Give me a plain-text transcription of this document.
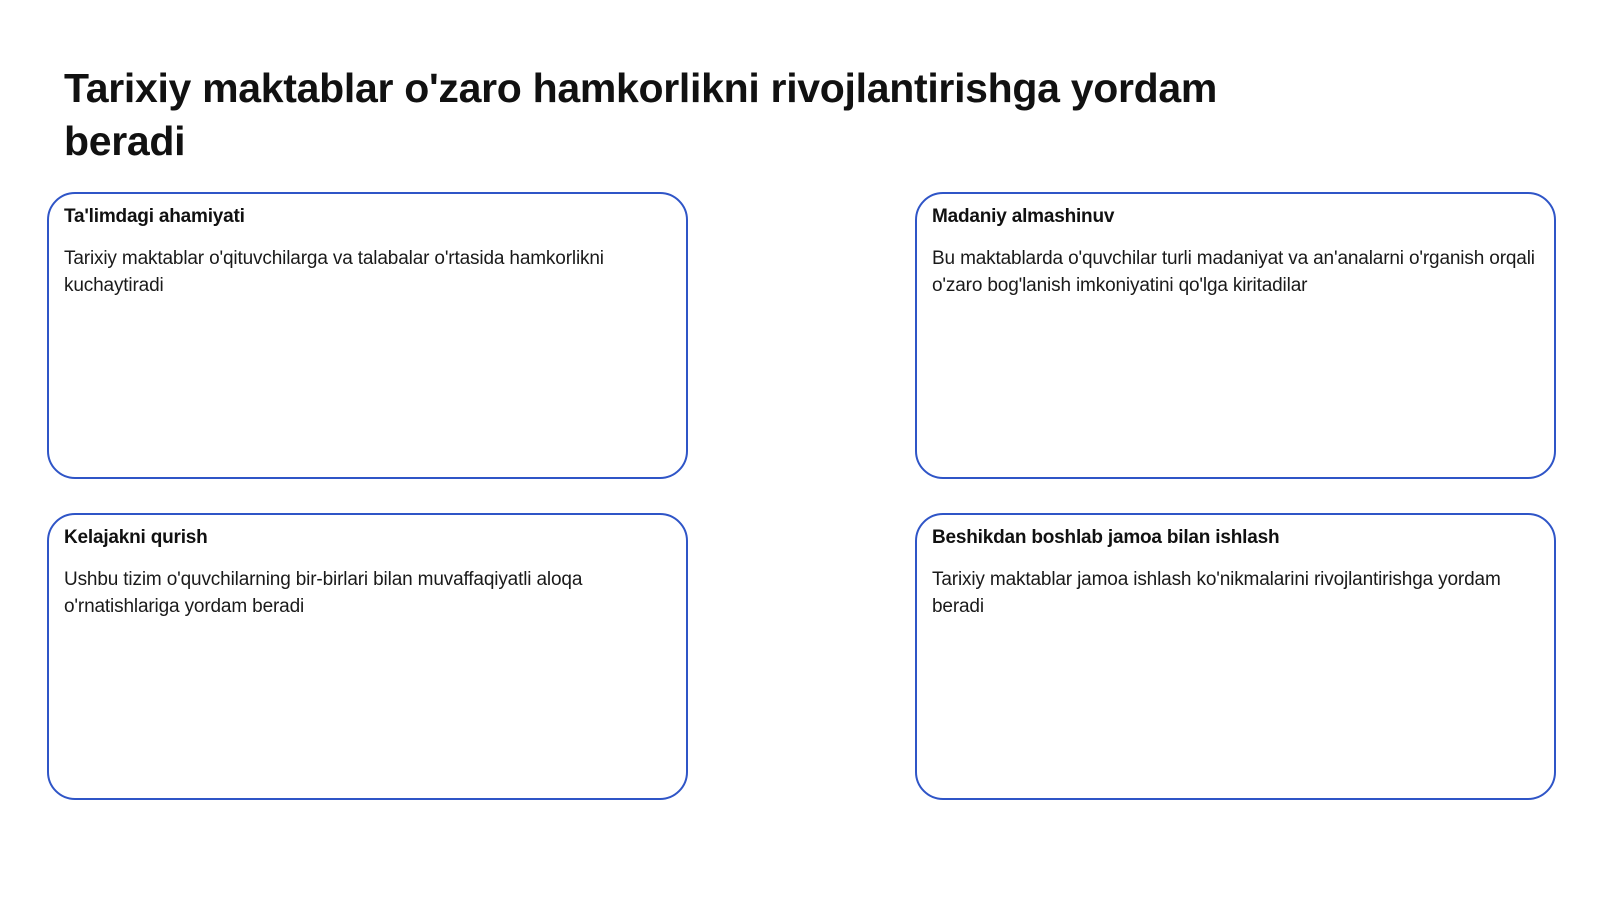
Tarixiy maktablar o'zaro hamkorlikni rivojlantirishga yordam beradi
Ta'limdagi ahamiyati

Tarixiy maktablar o'qituvchilarga va talabalar o'rtasida hamkorlikni kuchaytiradi

Madaniy almashinuv

Bu maktablarda o'quvchilar turli madaniyat va an'analarni o'rganish orqali o'zaro bog'lanish imkoniyatini qo'lga kiritadilar

Kelajakni qurish

Ushbu tizim o'quvchilarning bir-birlari bilan muvaffaqiyatli aloqa o'rnatishlariga yordam beradi

Beshikdan boshlab jamoa bilan ishlash

Tarixiy maktablar jamoa ishlash ko'nikmalarini rivojlantirishga yordam beradi
